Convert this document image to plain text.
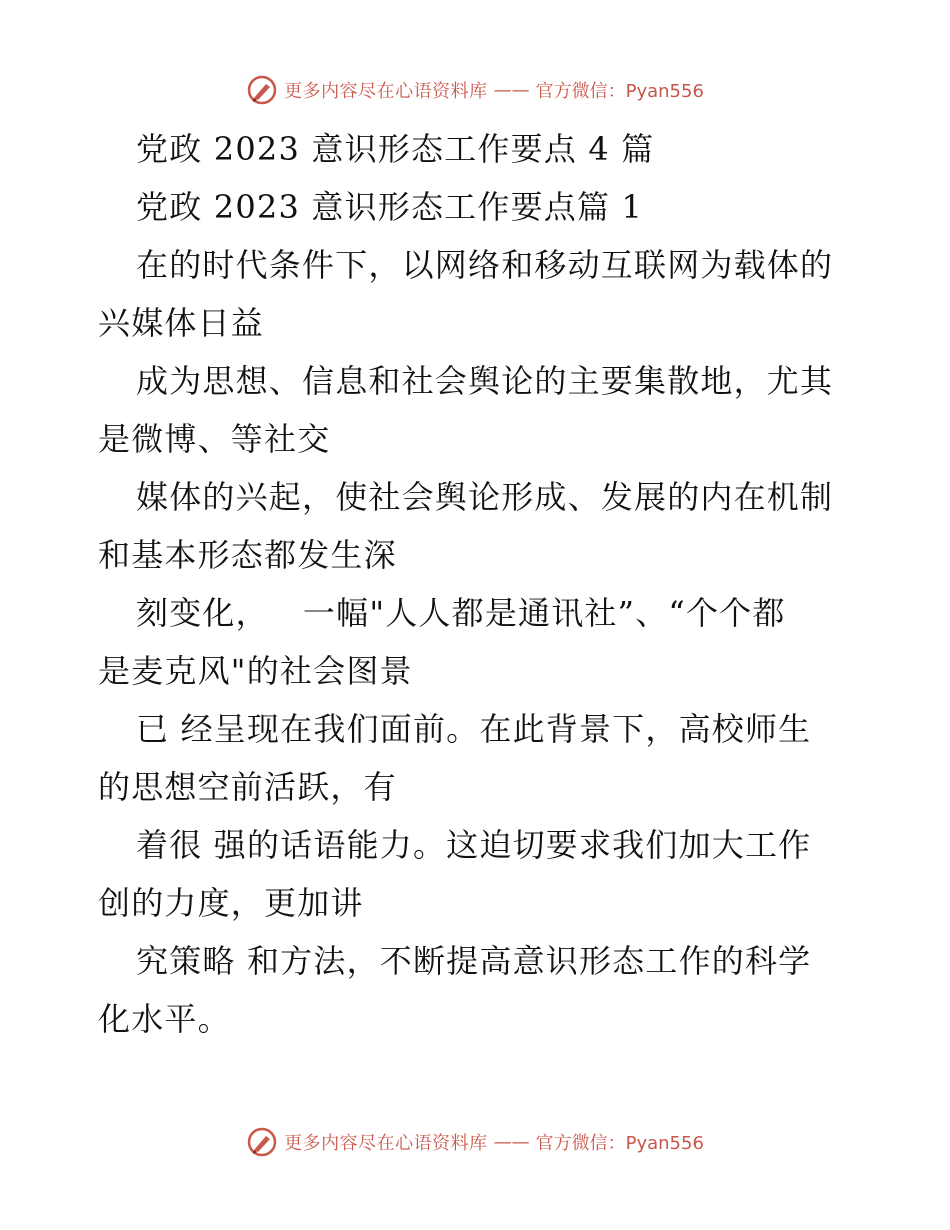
更多内容尽在心语资料库 —— 官方微信：Pyan556
党政 2023 意识形态工作要点 4 篇
党政 2023 意识形态工作要点篇 1
在的时代条件下，以网络和移动互联网为载体的
兴媒体日益
成为思想、信息和社会舆论的主要集散地，尤其
是微博、等社交
媒体的兴起，使社会舆论形成、发展的内在机制
和基本形态都发生深
刻变化，   一幅"人人都是通讯社”、“个个都
是麦克风"的社会图景
已 经呈现在我们面前。在此背景下，高校师生
的思想空前活跃，有
着很 强的话语能力。这迫切要求我们加大工作
创的力度，更加讲
究策略 和方法，不断提高意识形态工作的科学
化水平。
更多内容尽在心语资料库 —— 官方微信：Pyan556
